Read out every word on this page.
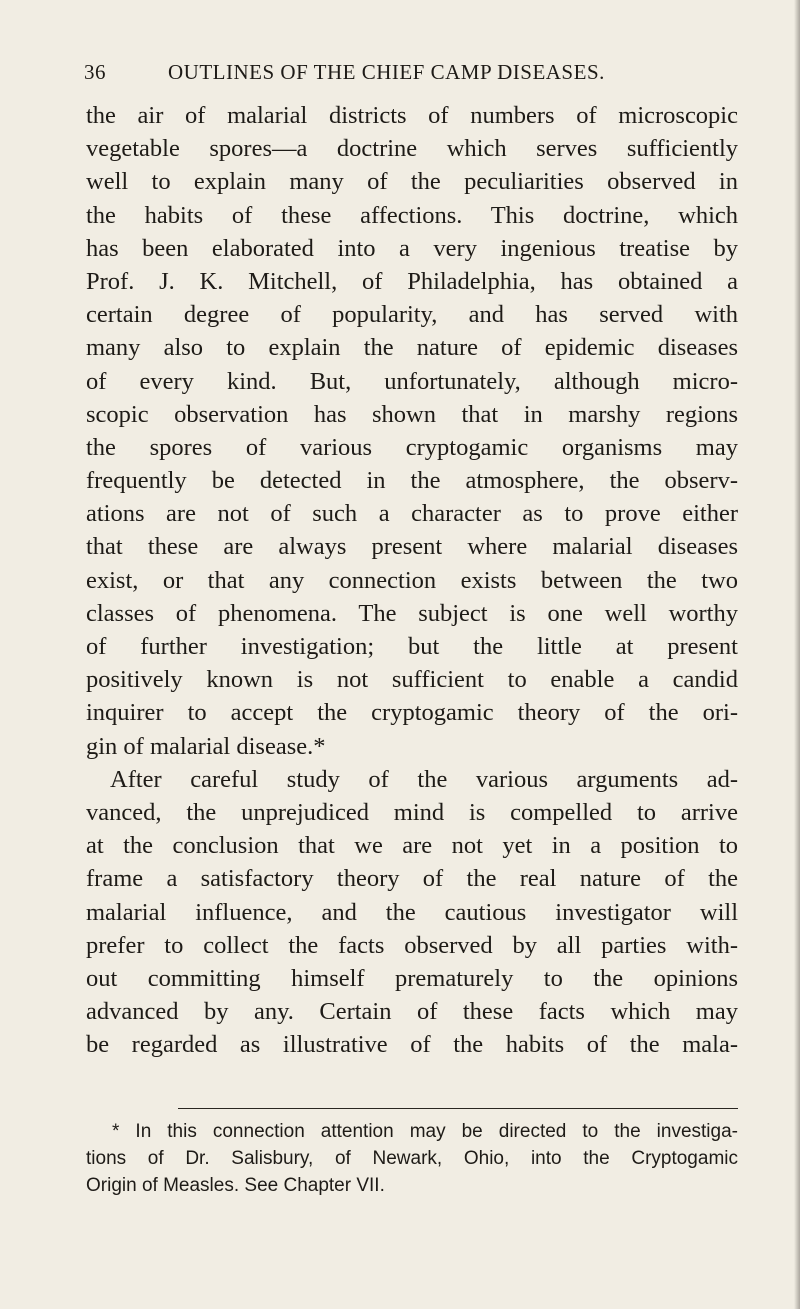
36	OUTLINES OF THE CHIEF CAMP DISEASES.
the air of malarial districts of numbers of microscopic
vegetable spores—a doctrine which serves sufficiently
well to explain many of the peculiarities observed in
the habits of these affections. This doctrine, which
has been elaborated into a very ingenious treatise by
Prof. J. K. Mitchell, of Philadelphia, has obtained a
certain degree of popularity, and has served with
many also to explain the nature of epidemic diseases
of every kind. But, unfortunately, although micro-
scopic observation has shown that in marshy regions
the spores of various cryptogamic organisms may
frequently be detected in the atmosphere, the observ-
ations are not of such a character as to prove either
that these are always present where malarial diseases
exist, or that any connection exists between the two
classes of phenomena. The subject is one well worthy
of further investigation; but the little at present
positively known is not sufficient to enable a candid
inquirer to accept the cryptogamic theory of the ori-
gin of malarial disease.*
After careful study of the various arguments ad-
vanced, the unprejudiced mind is compelled to arrive
at the conclusion that we are not yet in a position to
frame a satisfactory theory of the real nature of the
malarial influence, and the cautious investigator will
prefer to collect the facts observed by all parties with-
out committing himself prematurely to the opinions
advanced by any. Certain of these facts which may
be regarded as illustrative of the habits of the mala-
* In this connection attention may be directed to the investiga-
tions of Dr. Salisbury, of Newark, Ohio, into the Cryptogamic
Origin of Measles. See Chapter VII.
